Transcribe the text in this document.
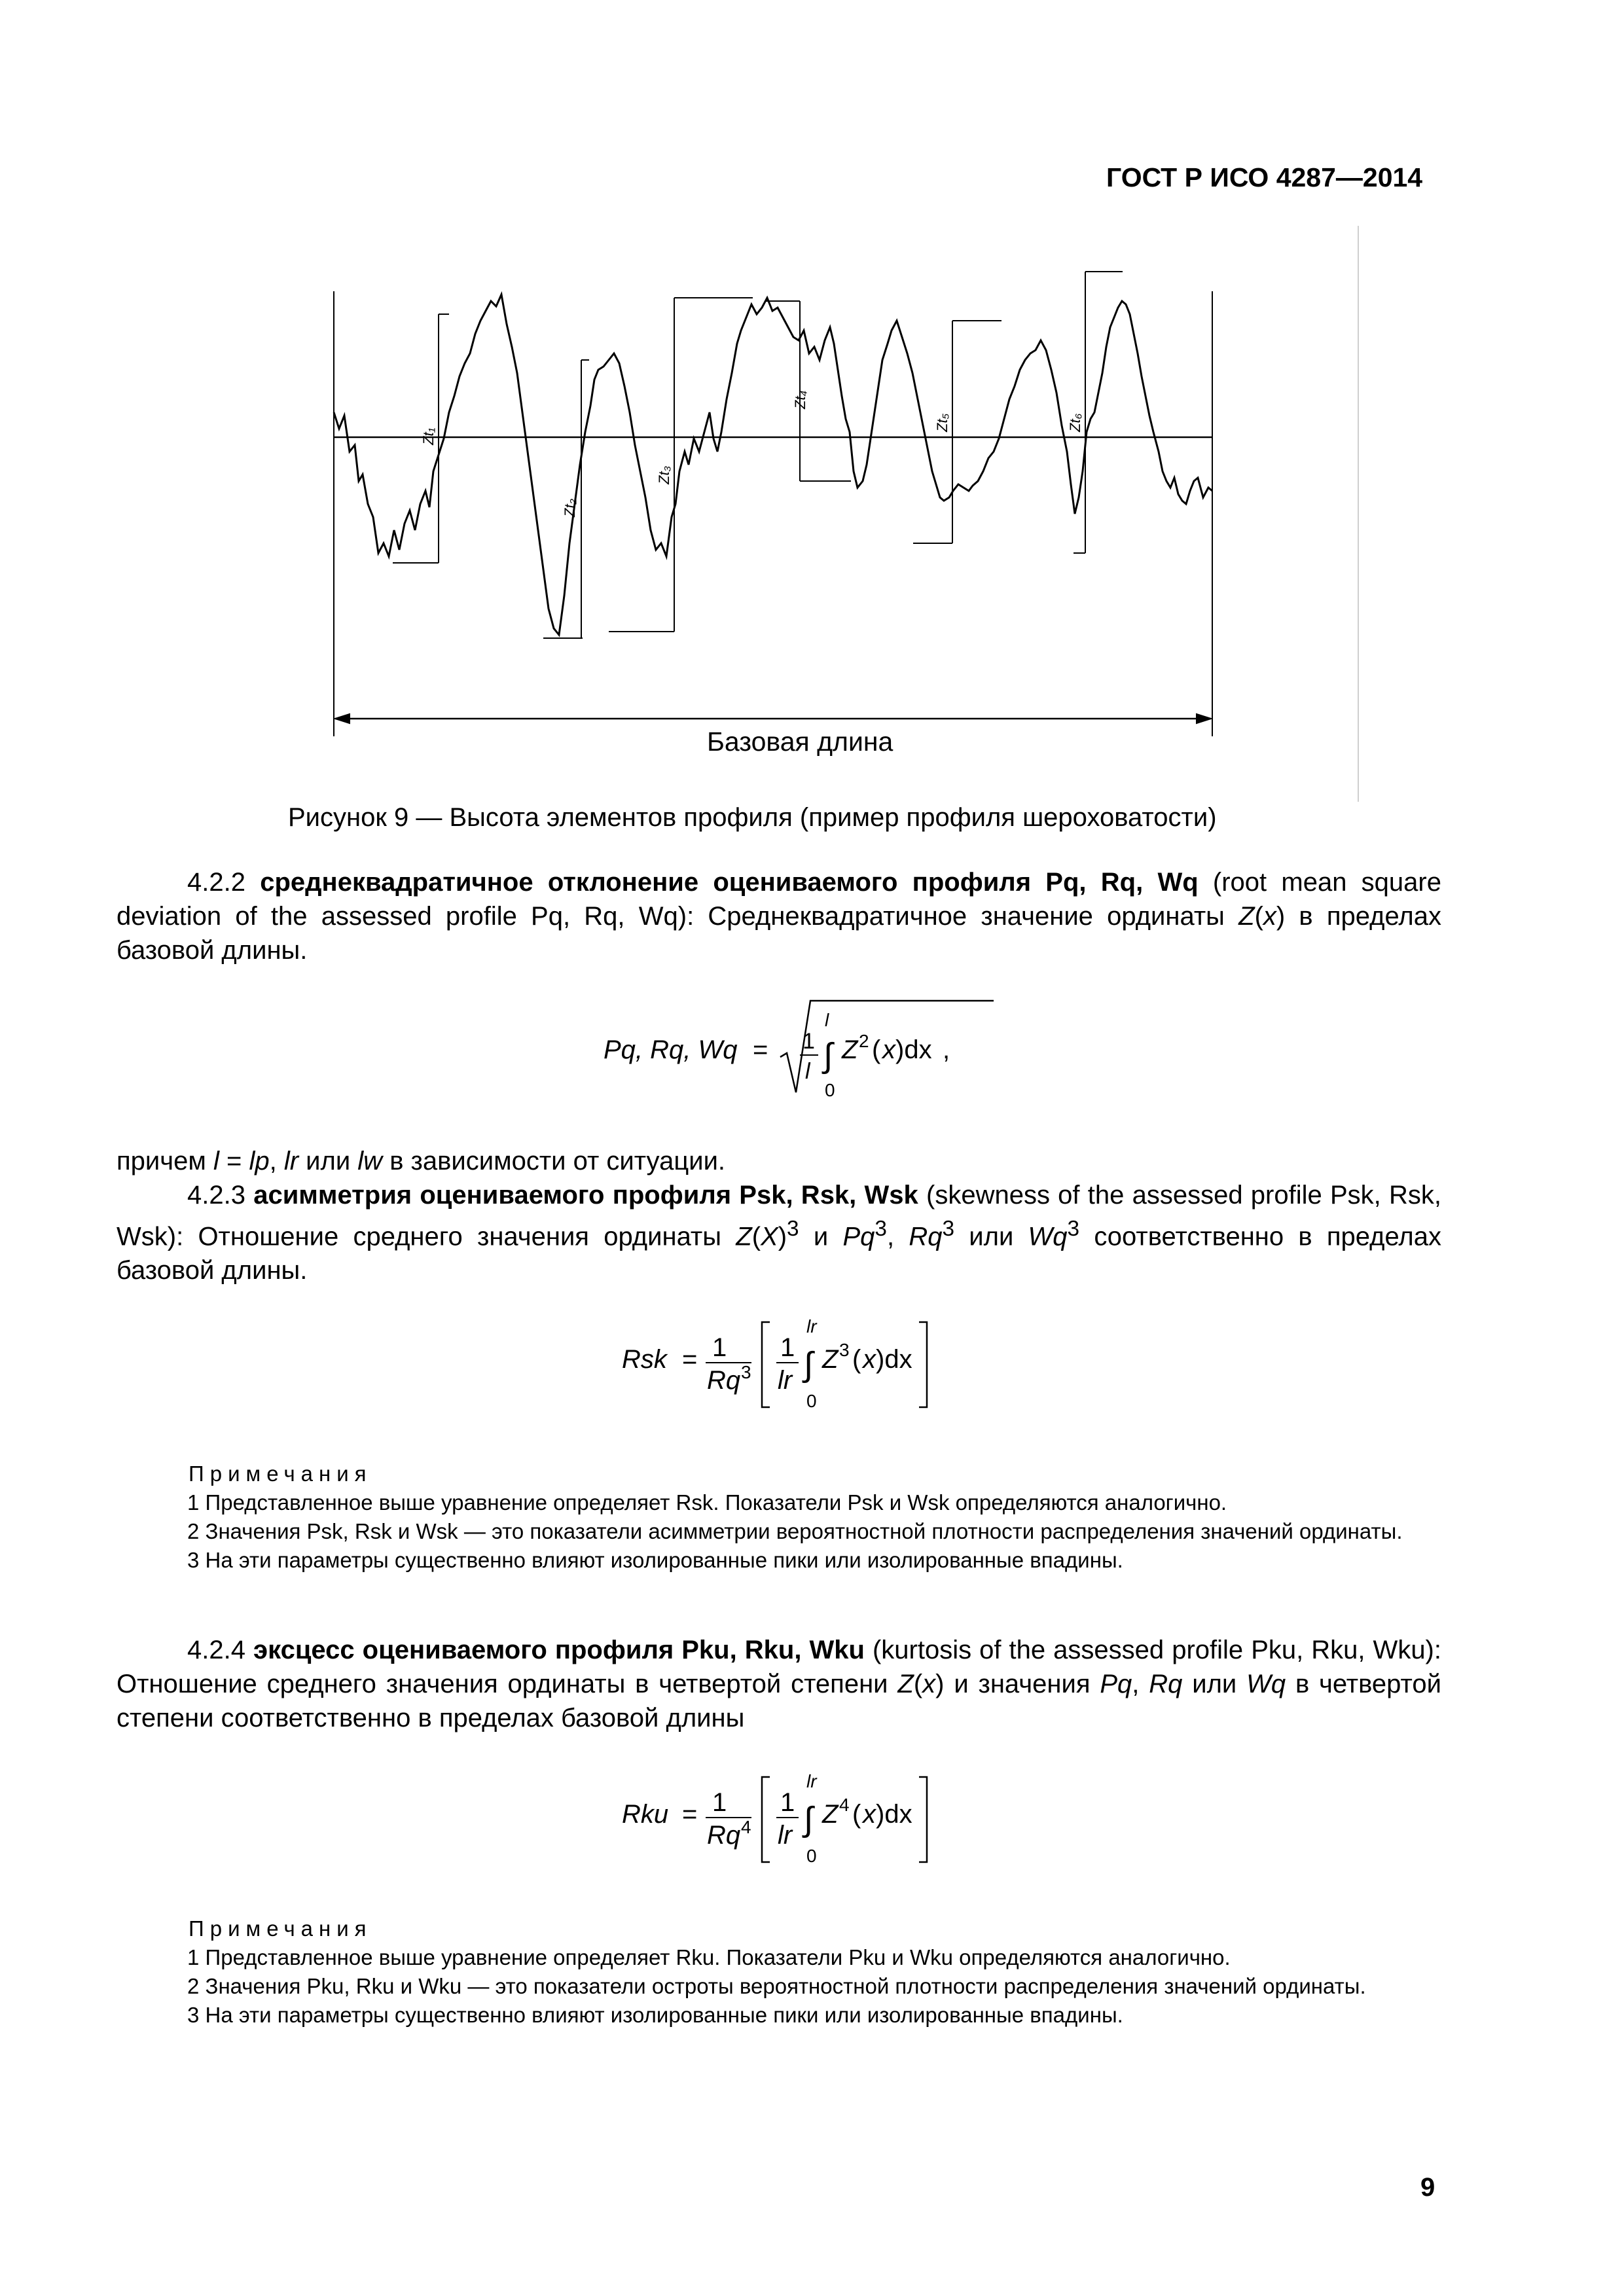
ГОСТ Р ИСО 4287—2014
Zt₁
Zt₂
Zt₃
Zt₄
Zt₅	Zt₆
Базовая длина
Рисунок 9 — Высота элементов профиля (пример профиля шероховатости)

4.2.2 среднеквадратичное отклонение оцениваемого профиля Pq, Rq, Wq (root mean square deviation of the assessed profile Pq, Rq, Wq): Среднеквадратичное значение ординаты Z(x) в пределах базовой длины.

Pq, Rq, Wq = 1
l
l
∫
0
Z 2 ( x )dx ,

причем l = lp, lr или lw в зависимости от ситуации.

4.2.3 асимметрия оцениваемого профиля Psk, Rsk, Wsk (skewness of the assessed profile Psk, Rsk, Wsk): Отношение среднего значения ординаты $Z(X)^3$ и Pq$^3$, Rq$^3$ или Wq$^3$ соответственно в пределах базовой длины.

Rsk = 1
Rq 3
1
lr
lr
∫
0
Z 3 ( x )dx

Примечания

1 Представленное выше уравнение определяет Rsk. Показатели Psk и Wsk определяются аналогично.

2 Значения Psk, Rsk и Wsk — это показатели асимметрии вероятностной плотности распределения значений ординаты.

3 На эти параметры существенно влияют изолированные пики или изолированные впадины.

4.2.4 эксцесс оцениваемого профиля Pku, Rku, Wku (kurtosis of the assessed profile Pku, Rku, Wku): Отношение среднего значения ординаты в четвертой степени Z(x) и значения Pq, Rq или Wq в четвертой степени соответственно в пределах базовой длины

Rku = 1
Rq 4
1
lr
lr
∫
0
Z 4 ( x )dx

Примечания

1 Представленное выше уравнение определяет Rku. Показатели Pku и Wku определяются аналогично.

2 Значения Pku, Rku и Wku — это показатели остроты вероятностной плотности распределения значений ординаты.

3 На эти параметры существенно влияют изолированные пики или изолированные впадины.

9
